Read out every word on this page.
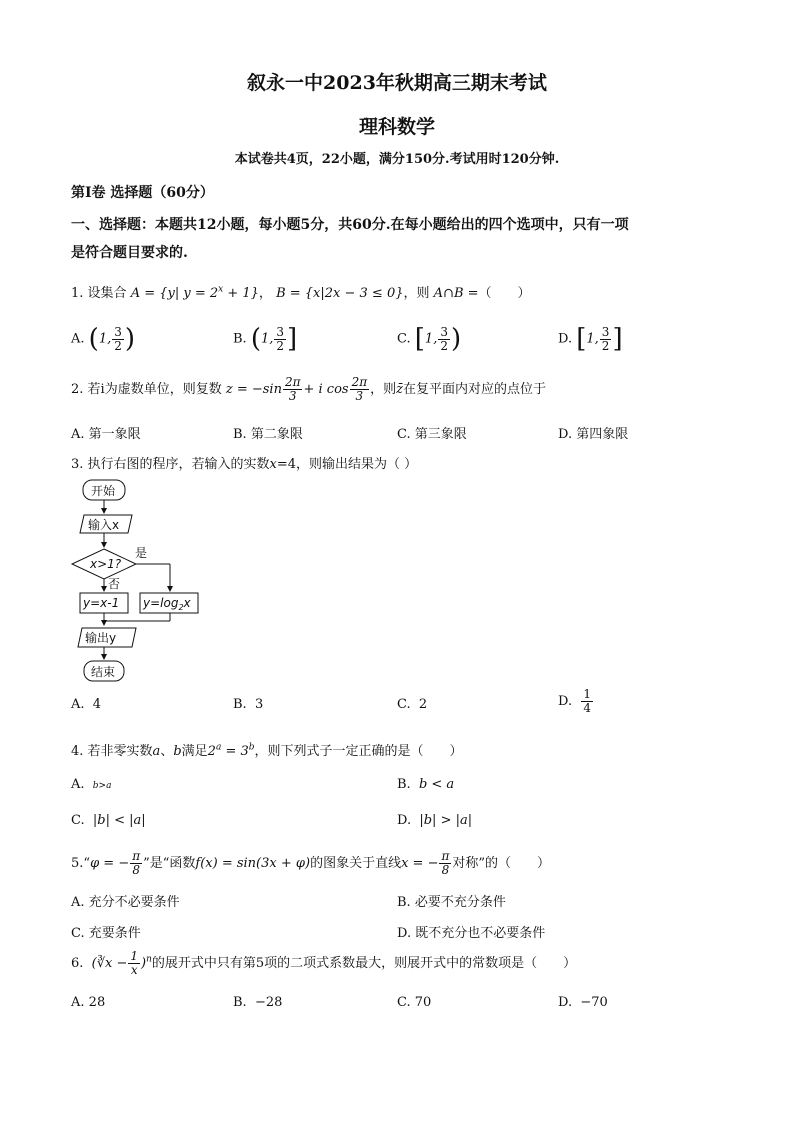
叙永一中2023年秋期高三期末考试
理科数学
本试卷共4页，22小题，满分150分.考试用时120分钟.
第I卷 选择题（60分）
一、选择题：本题共12小题，每小题5分，共60分.在每小题给出的四个选项中，只有一项
是符合题目要求的.
1. 设集合 A = {y| $y = 2^x + 1$}， B = {x|2x − 3 ≤ 0}，则 A∩B =（　　）
A. (1, $\frac{3}{2}$ )	B. (1, $\frac{3}{2}$ ]	C. [1, $\frac{3}{2}$ )	D. [1, $\frac{3}{2}$ ]
2. 若i为虚数单位，则复数 $z = -\sin \frac{2\pi}{3} + i$ $\cos \frac{2\pi}{3}$ ，则z̄在复平面内对应的点位于
A. 第一象限	B. 第二象限	C. 第三象限	D. 第四象限
3. 执行右图的程序，若输入的实数x=4，则输出结果为（ ）
开始
输入x
x>1?
是
否
y=x-1 $y=\log_2x$
输出y
结束
A. 4	B. 3	C. 2	D. $\frac{1}{4}$
4. 若非零实数a、b满足$2^a = 3^b$，则下列式子一定正确的是（　　）
A. b>a	B. b < a
C. |b| < |a|	D. |b| > |a|
5.“φ = − $\frac{\pi}{8}$ ”是“函数f(x) = sin(3x + φ)的图象关于直线x = − $\frac{\pi}{8}$ 对称”的（　　）
A. 充分不必要条件	B. 必要不充分条件
C. 充要条件	D. 既不充分也不必要条件
6. (∛x − $\frac{1}{x} )^n$的展开式中只有第5项的二项式系数最大，则展开式中的常数项是（　　）
A. 28	B. −28	C. 70	D. −70
